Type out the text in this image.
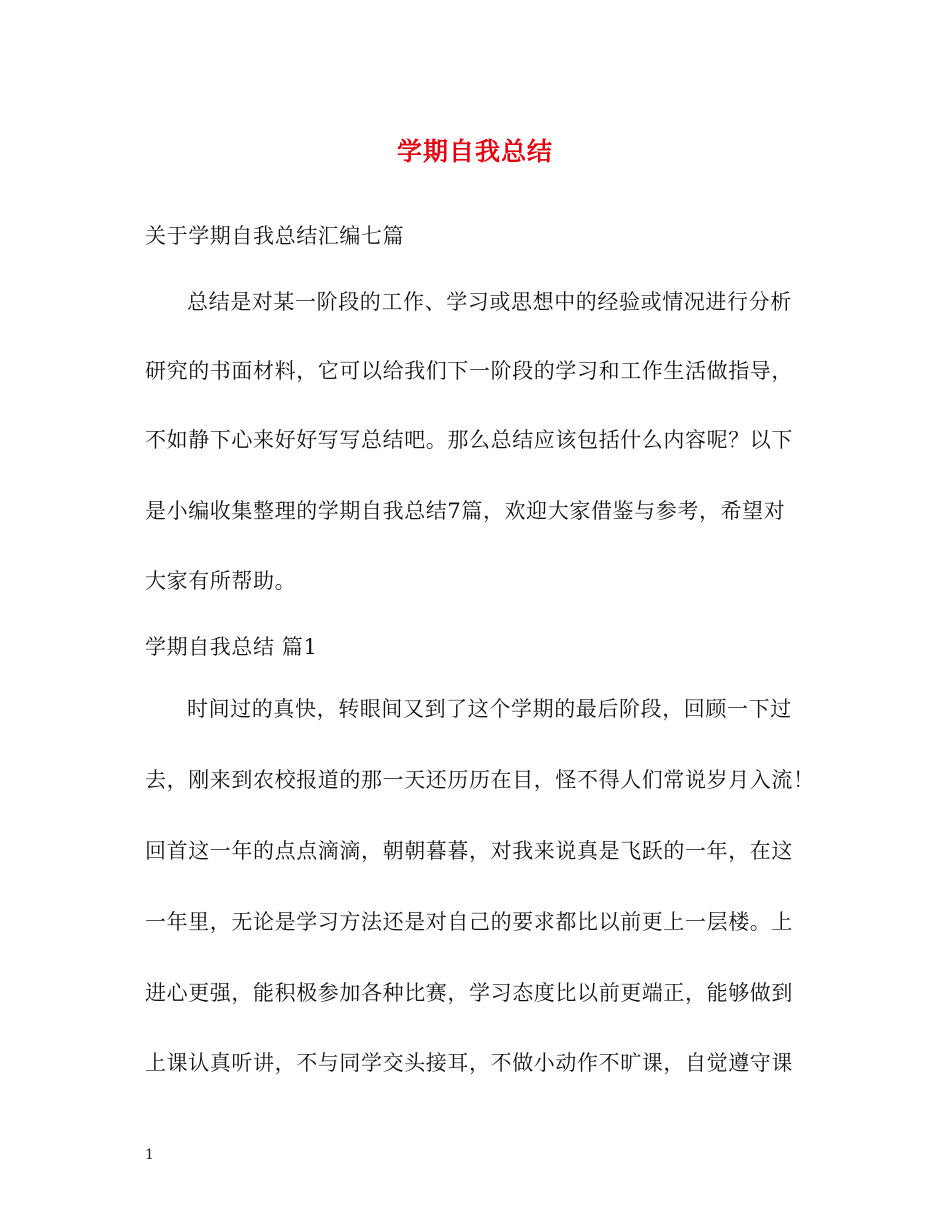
学期自我总结
关于学期自我总结汇编七篇
总结是对某一阶段的工作、学习或思想中的经验或情况进行分析
研究的书面材料，它可以给我们下一阶段的学习和工作生活做指导，
不如静下心来好好写写总结吧。那么总结应该包括什么内容呢？以下
是小编收集整理的学期自我总结7篇，欢迎大家借鉴与参考，希望对
大家有所帮助。
学期自我总结 篇1
时间过的真快，转眼间又到了这个学期的最后阶段，回顾一下过
去，刚来到农校报道的那一天还历历在目，怪不得人们常说岁月入流！
回首这一年的点点滴滴，朝朝暮暮，对我来说真是飞跃的一年，在这
一年里，无论是学习方法还是对自己的要求都比以前更上一层楼。上
进心更强，能积极参加各种比赛，学习态度比以前更端正，能够做到
上课认真听讲，不与同学交头接耳，不做小动作不旷课，自觉遵守课
1
